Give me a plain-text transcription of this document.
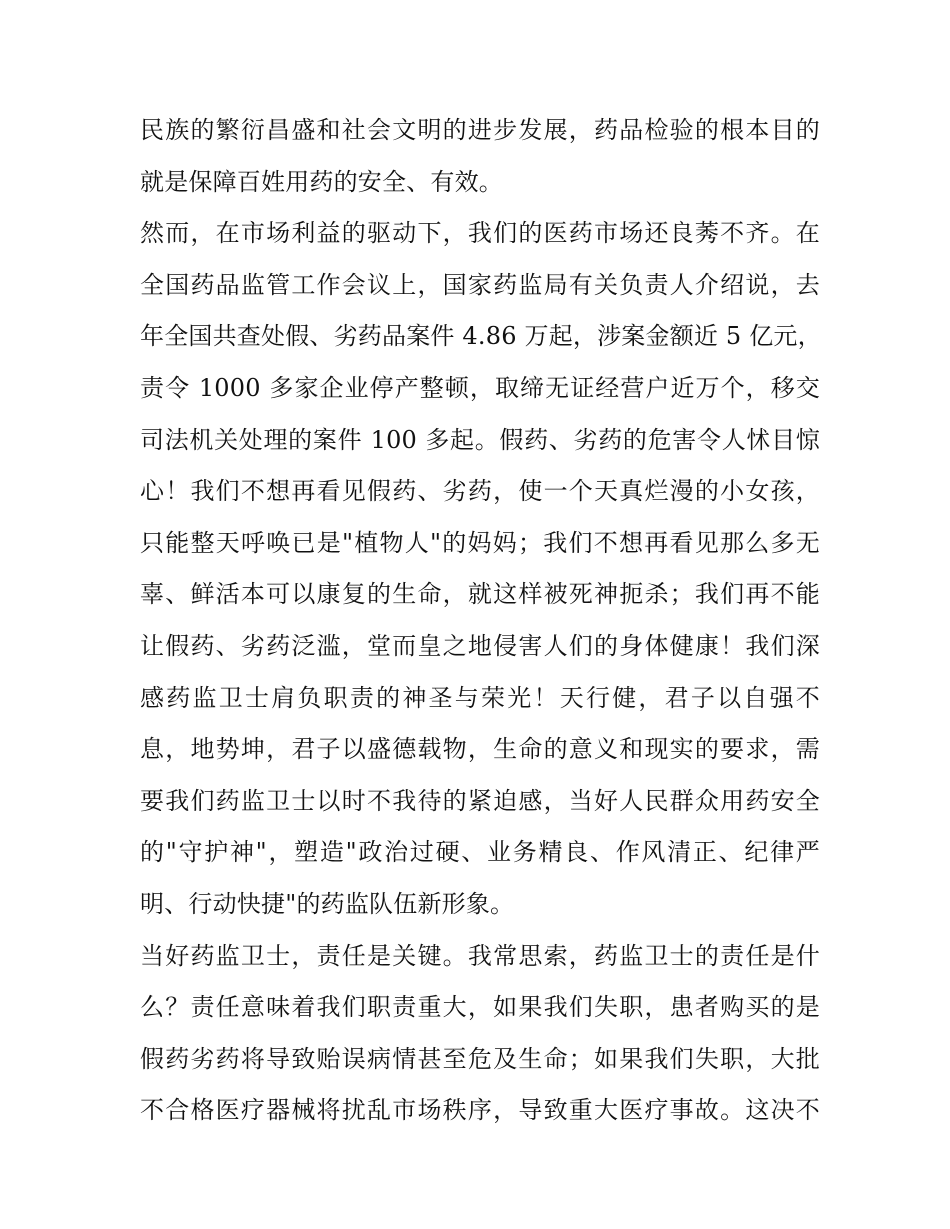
民族的繁衍昌盛和社会文明的进步发展，药品检验的根本目的
就是保障百姓用药的安全、有效。
然而，在市场利益的驱动下，我们的医药市场还良莠不齐。在
全国药品监管工作会议上，国家药监局有关负责人介绍说，去
年全国共查处假、劣药品案件 4.86 万起，涉案金额近 5 亿元，
责令 1000 多家企业停产整顿，取缔无证经营户近万个，移交
司法机关处理的案件 100 多起。假药、劣药的危害令人怵目惊
心！我们不想再看见假药、劣药，使一个天真烂漫的小女孩，
只能整天呼唤已是"植物人"的妈妈；我们不想再看见那么多无
辜、鲜活本可以康复的生命，就这样被死神扼杀；我们再不能
让假药、劣药泛滥，堂而皇之地侵害人们的身体健康！我们深
感药监卫士肩负职责的神圣与荣光！天行健，君子以自强不
息，地势坤，君子以盛德载物，生命的意义和现实的要求，需
要我们药监卫士以时不我待的紧迫感，当好人民群众用药安全
的"守护神"，塑造"政治过硬、业务精良、作风清正、纪律严
明、行动快捷"的药监队伍新形象。
当好药监卫士，责任是关键。我常思索，药监卫士的责任是什
么？责任意味着我们职责重大，如果我们失职，患者购买的是
假药劣药将导致贻误病情甚至危及生命；如果我们失职，大批
不合格医疗器械将扰乱市场秩序，导致重大医疗事故。这决不
